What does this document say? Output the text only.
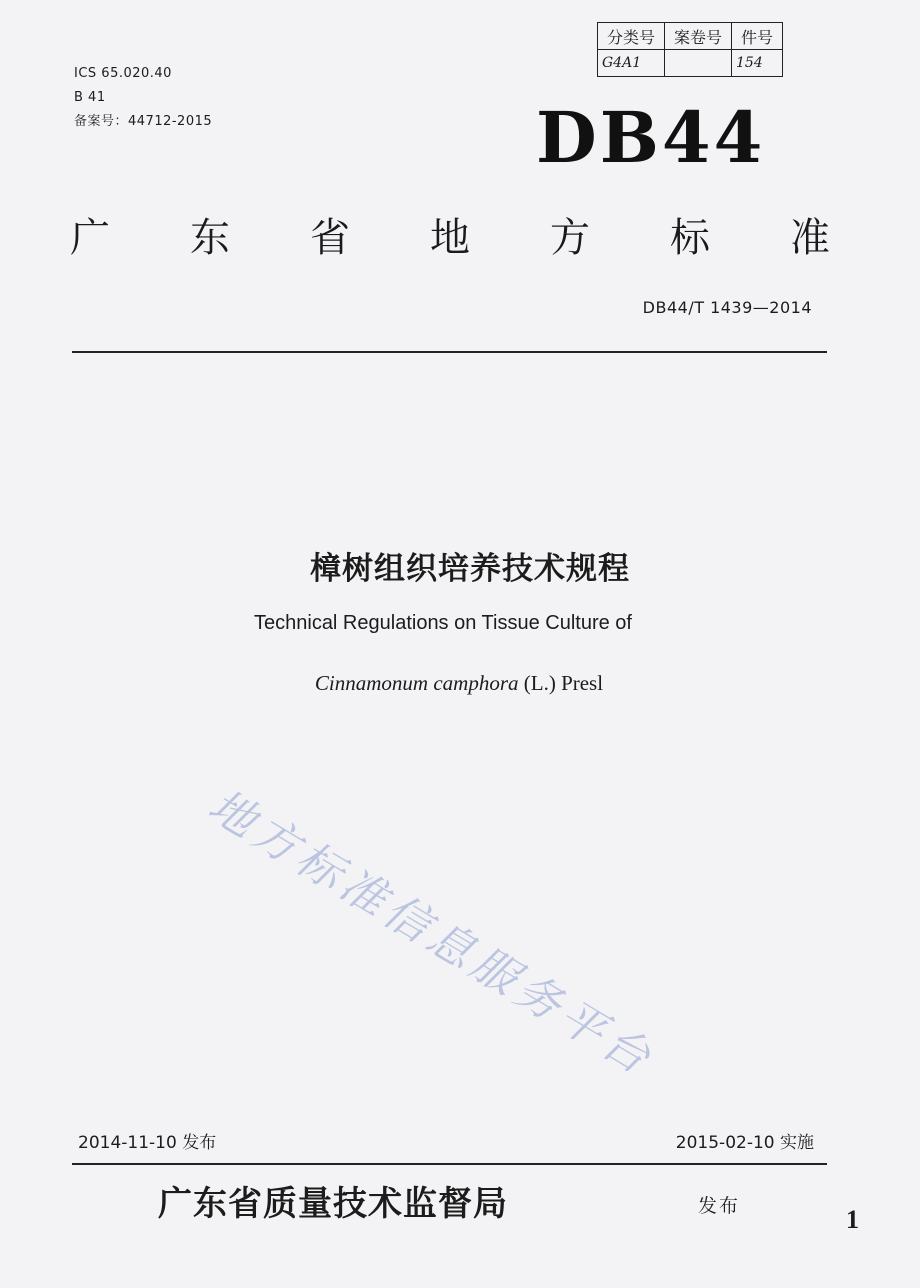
ICS 65.020.40
B 41
备案号：44712-2015
分类号	案卷号	件号
G4A1		154
DB44
广 东 省 地 方 标 准
DB44/T 1439—2014
樟树组织培养技术规程
Technical Regulations on Tissue Culture of
Cinnamonum camphora (L.) Presl
地方标准信息服务平台
2014-11-10 发布	2015-02-10 实施
广东省质量技术监督局	发布	1
